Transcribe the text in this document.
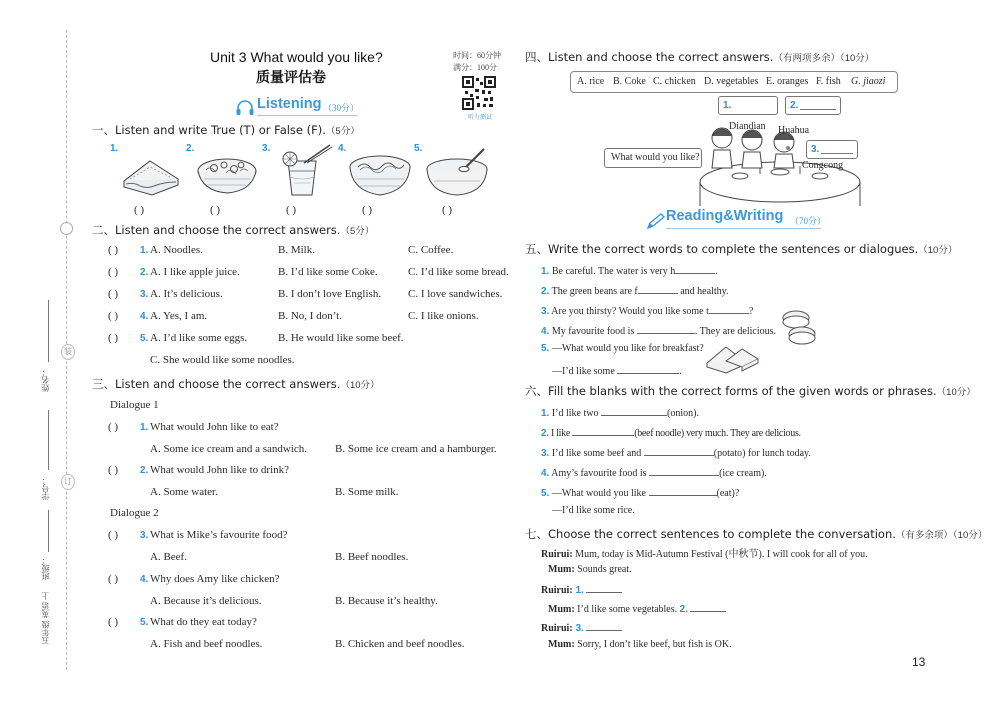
装
订
姓名：
学号：
班级：
五年级 英语 上
Unit 3 What would you like?
质量评估卷
时间：60分钟
满分：100分
听力测试
Listening （30分）
一、Listen and write True (T) or False (F).（5分）
1.
( )
2.
( )
3.
( )
4.
( )
5.
( )
二、Listen and choose the correct answers.（5分）
( ) 1. A. Noodles.	B. Milk.	C. Coffee.
( ) 2. A. I like apple juice.	B. I’d like some Coke.	C. I’d like some bread.
( ) 3. A. It’s delicious.	B. I don’t love English. C. I love sandwiches.
( ) 4. A. Yes, I am.	B. No, I don’t.	C. I like onions.
( ) 5. A. I’d like some eggs.	B. He would like some beef.
C. She would like some noodles.
三、Listen and choose the correct answers.（10分）
Dialogue 1
( ) 1. What would John like to eat?
A. Some ice cream and a sandwich.	B. Some ice cream and a hamburger.
( ) 2. What would John like to drink?
A. Some water.	B. Some milk.
Dialogue 2
( ) 3. What is Mike’s favourite food?
A. Beef.	B. Beef noodles.
( ) 4. Why does Amy like chicken?
A. Because it’s delicious.	B. Because it’s healthy.
( ) 5. What do they eat today?
A. Fish and beef noodles.	B. Chicken and beef noodles.
四、Listen and choose the correct answers.（有两项多余）（10分）
A. rice B. Coke C. chicken D. vegetables E. oranges F. fish G. jiaozi
1.	2.
Diandian Huahua
3.
Congcong
What would you like?
Reading&Writing （70分）
五、Write the correct words to complete the sentences or dialogues.（10分）
1. Be careful. The water is very h	.
2. The green beans are f	and healthy.
3. Are you thirsty? Would you like some t	?
4. My favourite food is	. They are delicious.
5. —What would you like for breakfast?
—I’d like some	.
六、Fill the blanks with the correct forms of the given words or phrases.（10分）
1. I’d like two	(onion).
2. I like	(beef noodle) very much. They are delicious.
3. I’d like some beef and	(potato) for lunch today.
4. Amy’s favourite food is	(ice cream).
5. —What would you like	(eat)?
—I’d like some rice.
七、Choose the correct sentences to complete the conversation.（有多余项）（10分）
Ruirui: Mum, today is Mid-Autumn Festival (中秋节). I will cook for all of you.
Mum: Sounds great.
Ruirui: 1.
Mum: I’d like some vegetables. 2.
Ruirui: 3.
Mum: Sorry, I don’t like beef, but fish is OK.
13
